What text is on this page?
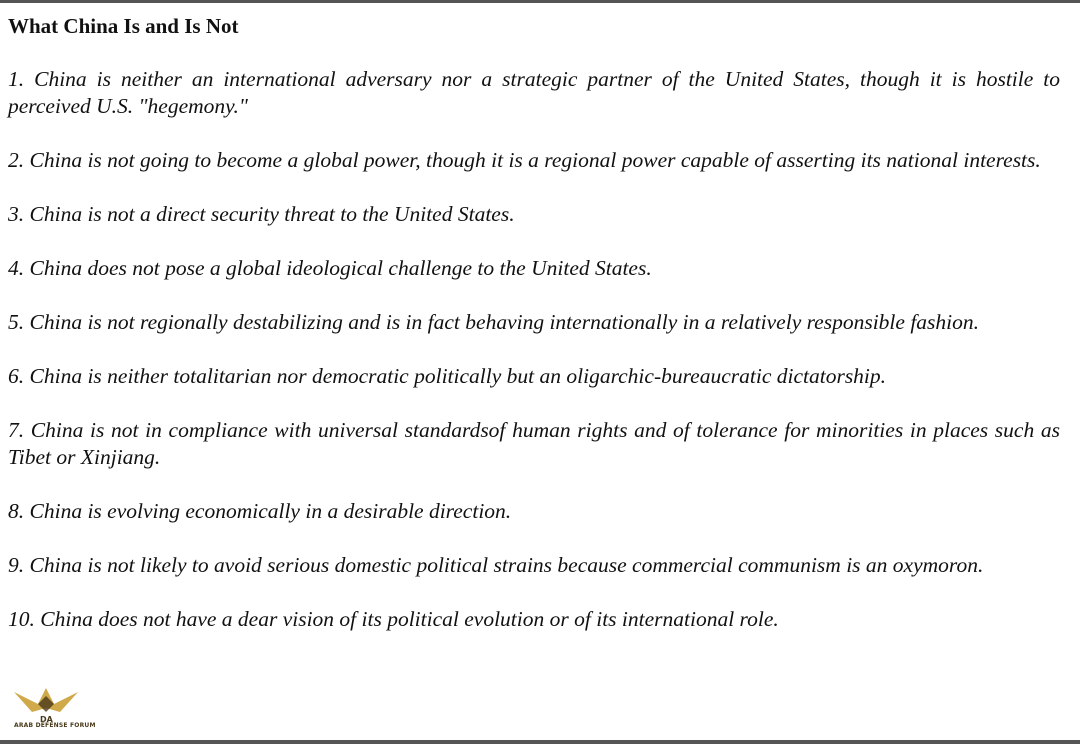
What China Is and Is Not
1. China is neither an international adversary nor a strategic partner of the United States, though it is hostile to perceived U.S. "hegemony."
2. China is not going to become a global power, though it is a regional power capable of asserting its national interests.
3. China is not a direct security threat to the United States.
4. China does not pose a global ideological challenge to the United States.
5. China is not regionally destabilizing and is in fact behaving internationally in a relatively responsible fashion.
6. China is neither totalitarian nor democratic politically but an oligarchic-bureaucratic dictatorship.
7. China is not in compliance with universal standardsof human rights and of tolerance for minorities in places such as Tibet or Xinjiang.
8. China is evolving economically in a desirable direction.
9. China is not likely to avoid serious domestic political strains because commercial communism is an oxymoron.
10. China does not have a dear vision of its political evolution or of its international role.
DA
ARAB DEFENSE FORUM
